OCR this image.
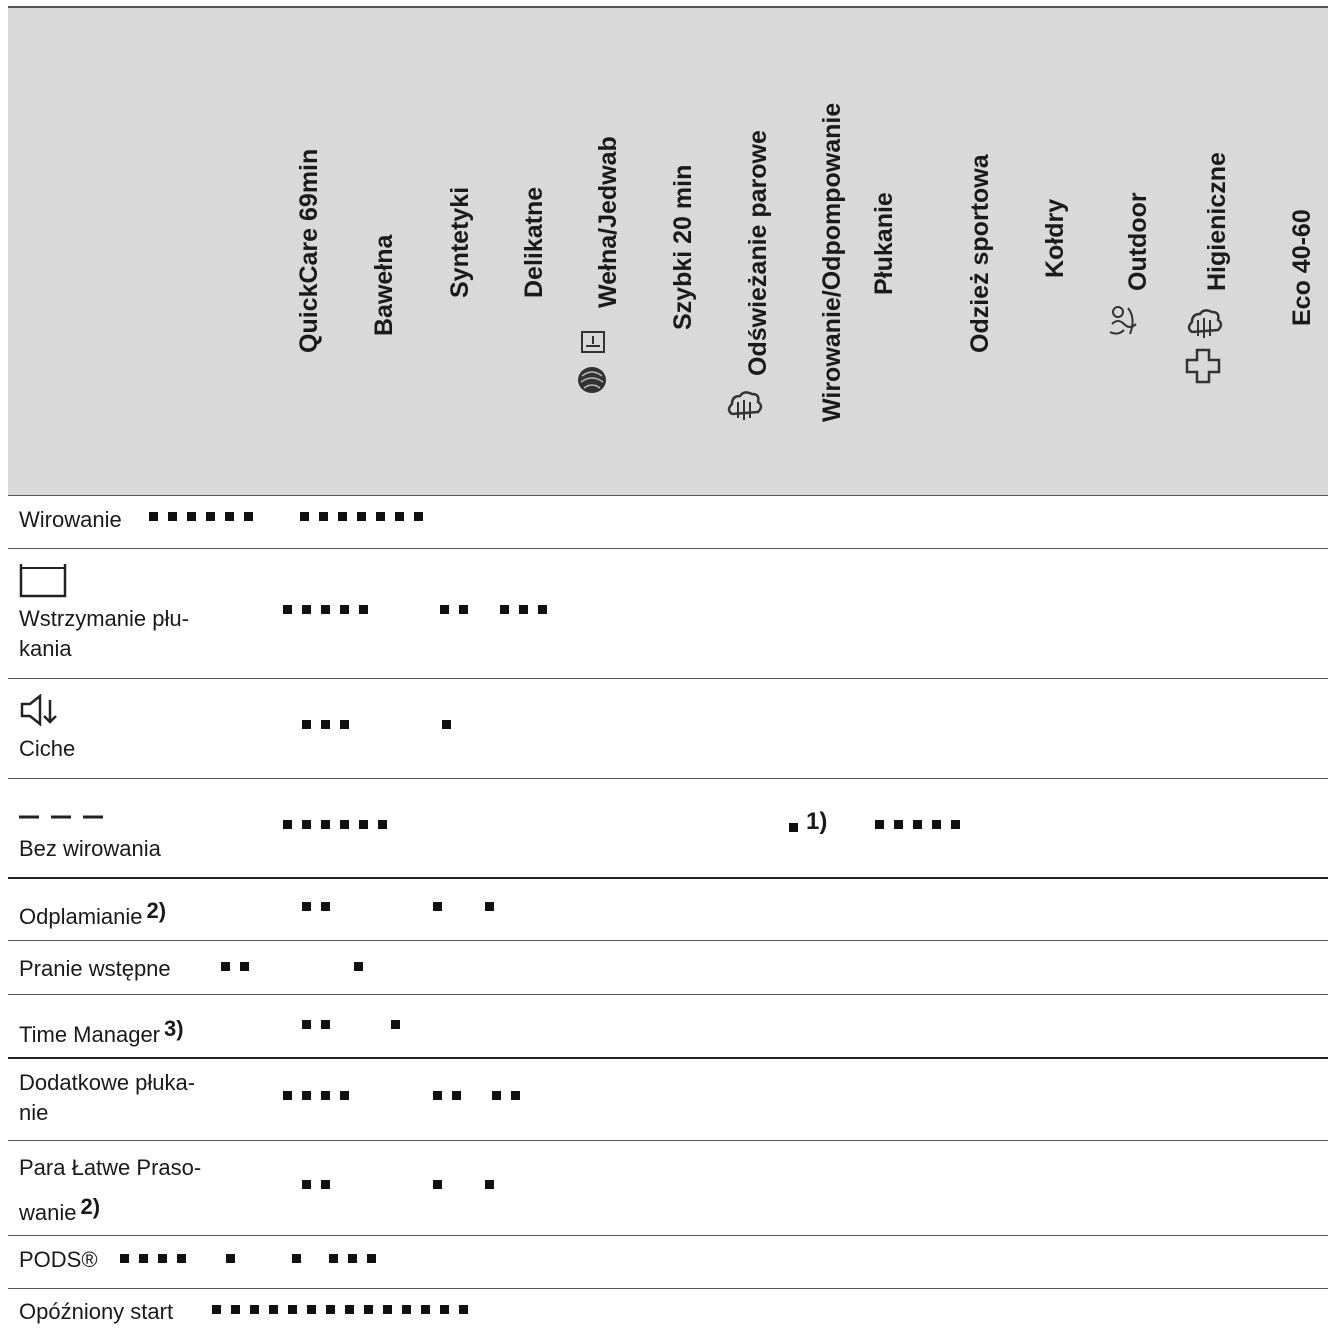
QuickCare 69min Bawełna Syntetyki Delikatne Wełna/Jedwab Szybki 20 min Odświeżanie parowe Wirowanie/Odpompowanie Płukanie	Odzież sportowa Kołdry Outdoor Higieniczne Eco 40-60
Wirowanie
Wstrzymanie płu-
kania
Ciche
Bez wirowania
1)
Odplamianie $^{2)}$
Pranie wstępne
Time Manager $^{3)}$
Dodatkowe płuka-
nie
Para Łatwe Praso-
wanie $^{2)}$
PODS®
Opóźniony start
